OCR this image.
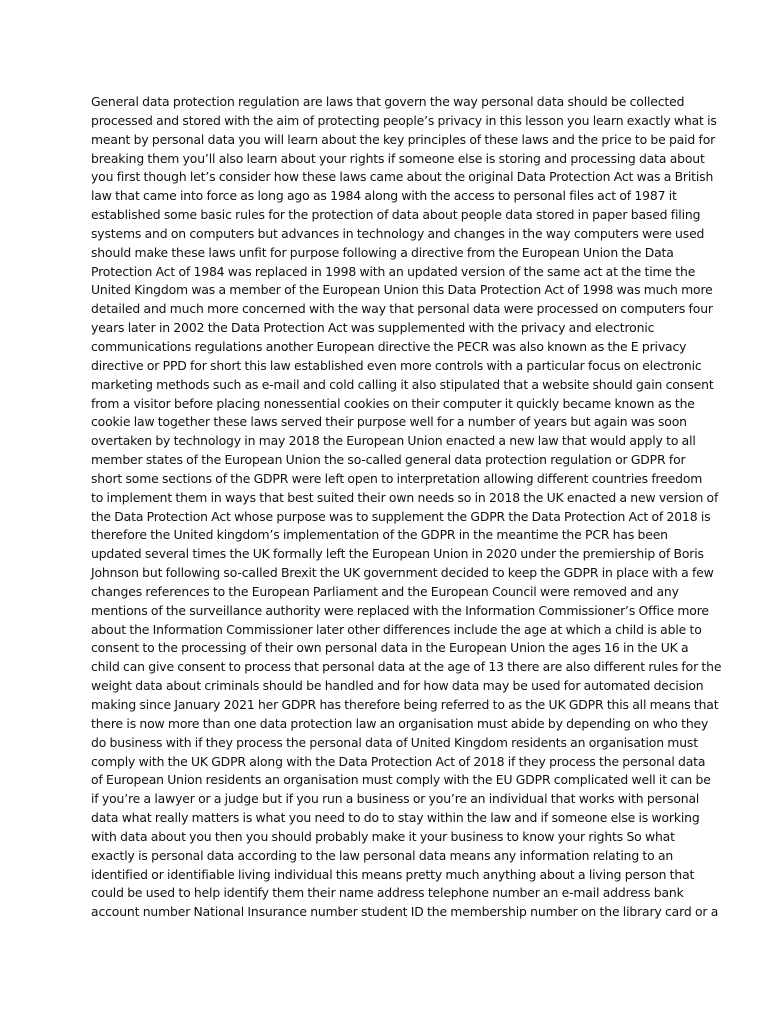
General data protection regulation are laws that govern the way personal data should be collected
processed and stored with the aim of protecting people’s privacy in this lesson you learn exactly what is
meant by personal data you will learn about the key principles of these laws and the price to be paid for
breaking them you’ll also learn about your rights if someone else is storing and processing data about
you first though let’s consider how these laws came about the original Data Protection Act was a British
law that came into force as long ago as 1984 along with the access to personal files act of 1987 it
established some basic rules for the protection of data about people data stored in paper based filing
systems and on computers but advances in technology and changes in the way computers were used
should make these laws unfit for purpose following a directive from the European Union the Data
Protection Act of 1984 was replaced in 1998 with an updated version of the same act at the time the
United Kingdom was a member of the European Union this Data Protection Act of 1998 was much more
detailed and much more concerned with the way that personal data were processed on computers four
years later in 2002 the Data Protection Act was supplemented with the privacy and electronic
communications regulations another European directive the PECR was also known as the E privacy
directive or PPD for short this law established even more controls with a particular focus on electronic
marketing methods such as e-mail and cold calling it also stipulated that a website should gain consent
from a visitor before placing nonessential cookies on their computer it quickly became known as the
cookie law together these laws served their purpose well for a number of years but again was soon
overtaken by technology in may 2018 the European Union enacted a new law that would apply to all
member states of the European Union the so-called general data protection regulation or GDPR for
short some sections of the GDPR were left open to interpretation allowing different countries freedom
to implement them in ways that best suited their own needs so in 2018 the UK enacted a new version of
the Data Protection Act whose purpose was to supplement the GDPR the Data Protection Act of 2018 is
therefore the United kingdom’s implementation of the GDPR in the meantime the PCR has been
updated several times the UK formally left the European Union in 2020 under the premiership of Boris
Johnson but following so-called Brexit the UK government decided to keep the GDPR in place with a few
changes references to the European Parliament and the European Council were removed and any
mentions of the surveillance authority were replaced with the Information Commissioner’s Office more
about the Information Commissioner later other differences include the age at which a child is able to
consent to the processing of their own personal data in the European Union the ages 16 in the UK a
child can give consent to process that personal data at the age of 13 there are also different rules for the
weight data about criminals should be handled and for how data may be used for automated decision
making since January 2021 her GDPR has therefore being referred to as the UK GDPR this all means that
there is now more than one data protection law an organisation must abide by depending on who they
do business with if they process the personal data of United Kingdom residents an organisation must
comply with the UK GDPR along with the Data Protection Act of 2018 if they process the personal data
of European Union residents an organisation must comply with the EU GDPR complicated well it can be
if you’re a lawyer or a judge but if you run a business or you’re an individual that works with personal
data what really matters is what you need to do to stay within the law and if someone else is working
with data about you then you should probably make it your business to know your rights So what
exactly is personal data according to the law personal data means any information relating to an
identified or identifiable living individual this means pretty much anything about a living person that
could be used to help identify them their name address telephone number an e-mail address bank
account number National Insurance number student ID the membership number on the library card or a
